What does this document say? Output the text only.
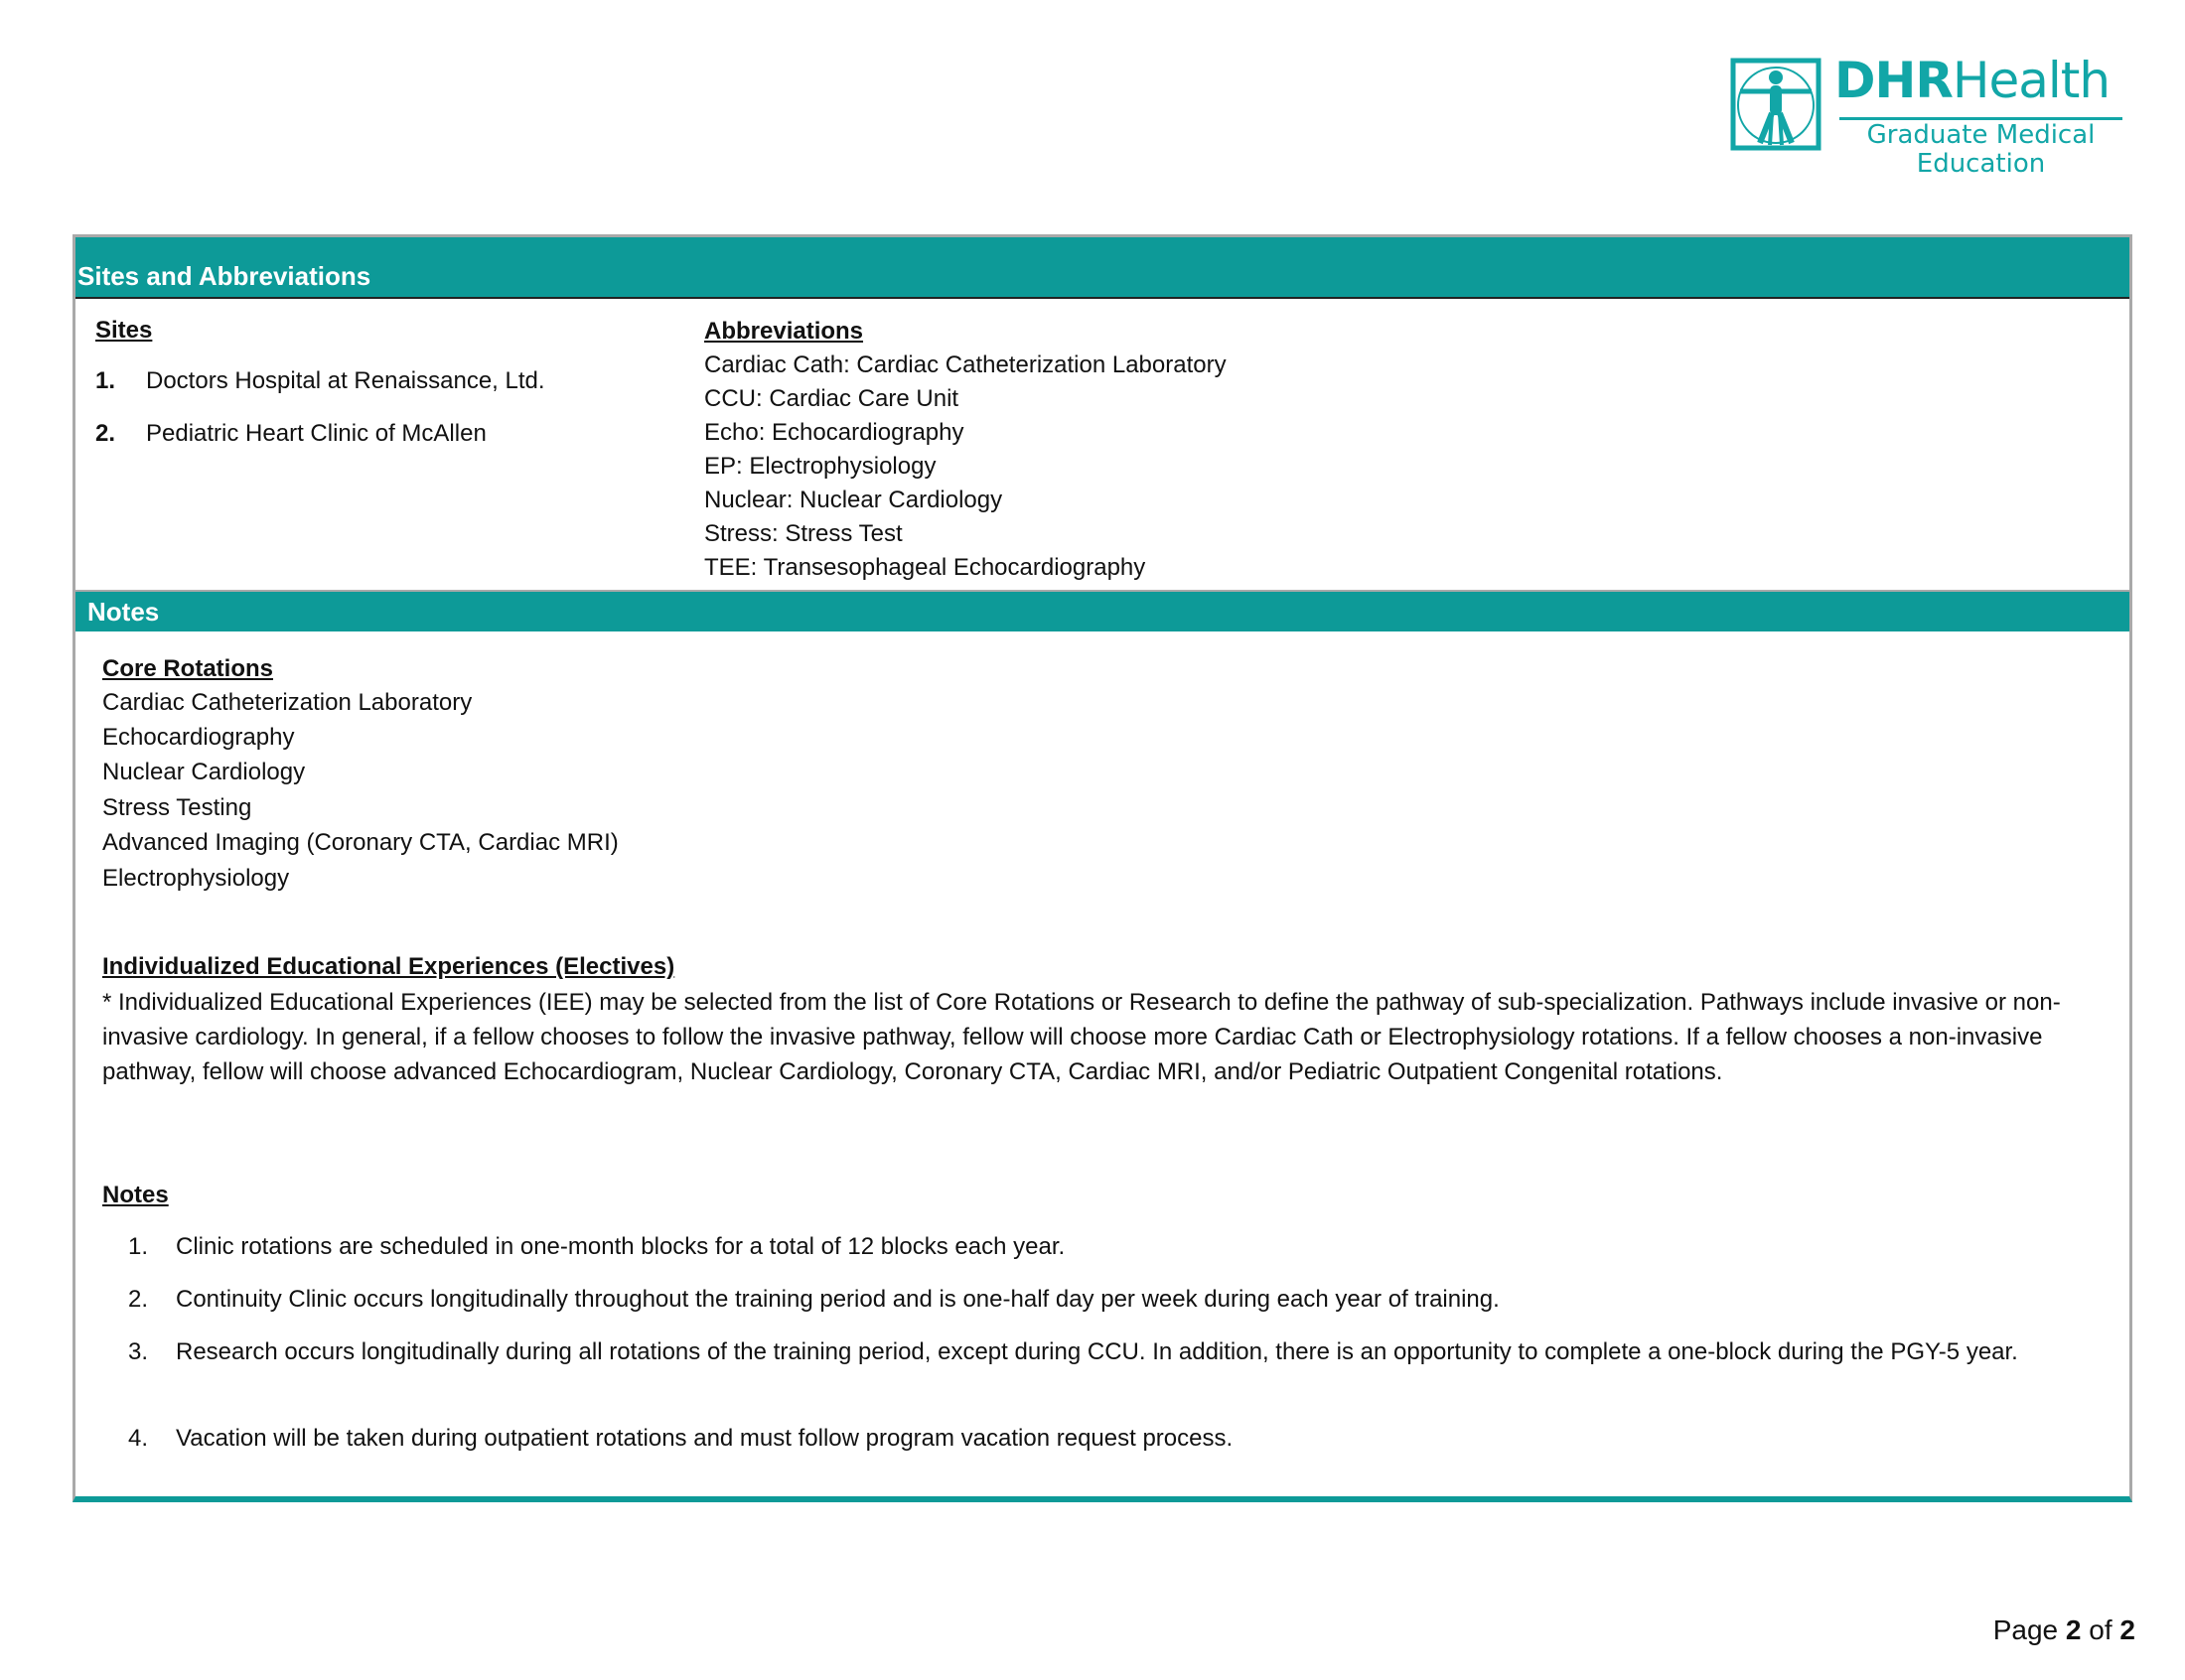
DHRHealth
Graduate Medical
Education
Sites and Abbreviations
Sites
1. Doctors Hospital at Renaissance, Ltd.
2. Pediatric Heart Clinic of McAllen
Abbreviations
Cardiac Cath: Cardiac Catheterization Laboratory
CCU: Cardiac Care Unit
Echo: Echocardiography
EP: Electrophysiology
Nuclear: Nuclear Cardiology
Stress: Stress Test
TEE: Transesophageal Echocardiography
Notes
Core Rotations
Cardiac Catheterization Laboratory
Echocardiography
Nuclear Cardiology
Stress Testing
Advanced Imaging (Coronary CTA, Cardiac MRI)
Electrophysiology
Individualized Educational Experiences (Electives)
* Individualized Educational Experiences (IEE) may be selected from the list of Core Rotations or Research to define the pathway of sub-specialization. Pathways include invasive or non-invasive cardiology. In general, if a fellow chooses to follow the invasive pathway, fellow will choose more Cardiac Cath or Electrophysiology rotations. If a fellow chooses a non-invasive pathway, fellow will choose advanced Echocardiogram, Nuclear Cardiology, Coronary CTA, Cardiac MRI, and/or Pediatric Outpatient Congenital rotations.
Notes
1. Clinic rotations are scheduled in one-month blocks for a total of 12 blocks each year.
2. Continuity Clinic occurs longitudinally throughout the training period and is one-half day per week during each year of training.
3. Research occurs longitudinally during all rotations of the training period, except during CCU. In addition, there is an opportunity to complete a one-block during the PGY-5 year.
4. Vacation will be taken during outpatient rotations and must follow program vacation request process.
Page 2 of 2
